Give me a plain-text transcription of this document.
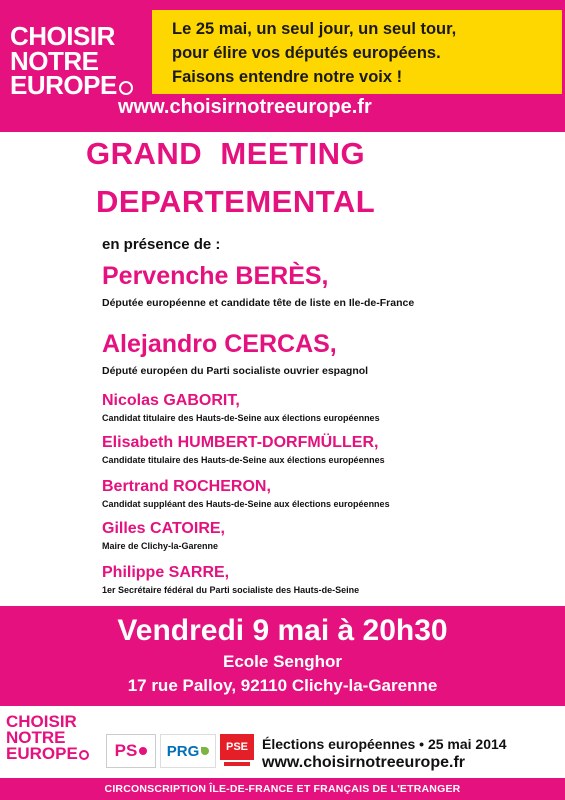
CHOISIR
NOTRE
EUROPE
Le 25 mai, un seul jour, un seul tour,
pour élire vos députés européens.
Faisons entendre notre voix !
www.choisirnotreeurope.fr
GRAND  MEETING
DEPARTEMENTAL
en présence de :
Pervenche BERÈS,
Députée européenne et candidate tête de liste en Ile-de-France
Alejandro CERCAS,
Député européen du Parti socialiste ouvrier espagnol
Nicolas GABORIT,
Candidat titulaire des Hauts-de-Seine aux élections européennes
Elisabeth HUMBERT-DORFMÜLLER,
Candidate titulaire des Hauts-de-Seine aux élections européennes
Bertrand ROCHERON,
Candidat suppléant des Hauts-de-Seine aux élections européennes
Gilles CATOIRE,
Maire de Clichy-la-Garenne
Philippe SARRE,
1er Secrétaire fédéral du Parti socialiste des Hauts-de-Seine
Vendredi 9 mai à 20h30
Ecole Senghor
17 rue Palloy, 92110 Clichy-la-Garenne
CHOISIR
NOTRE
EUROPE	PS PRG PSE Élections européennes • 25 mai 2014
www.choisirnotreeurope.fr
CIRCONSCRIPTION ÎLE-DE-FRANCE ET FRANÇAIS DE L'ETRANGER
